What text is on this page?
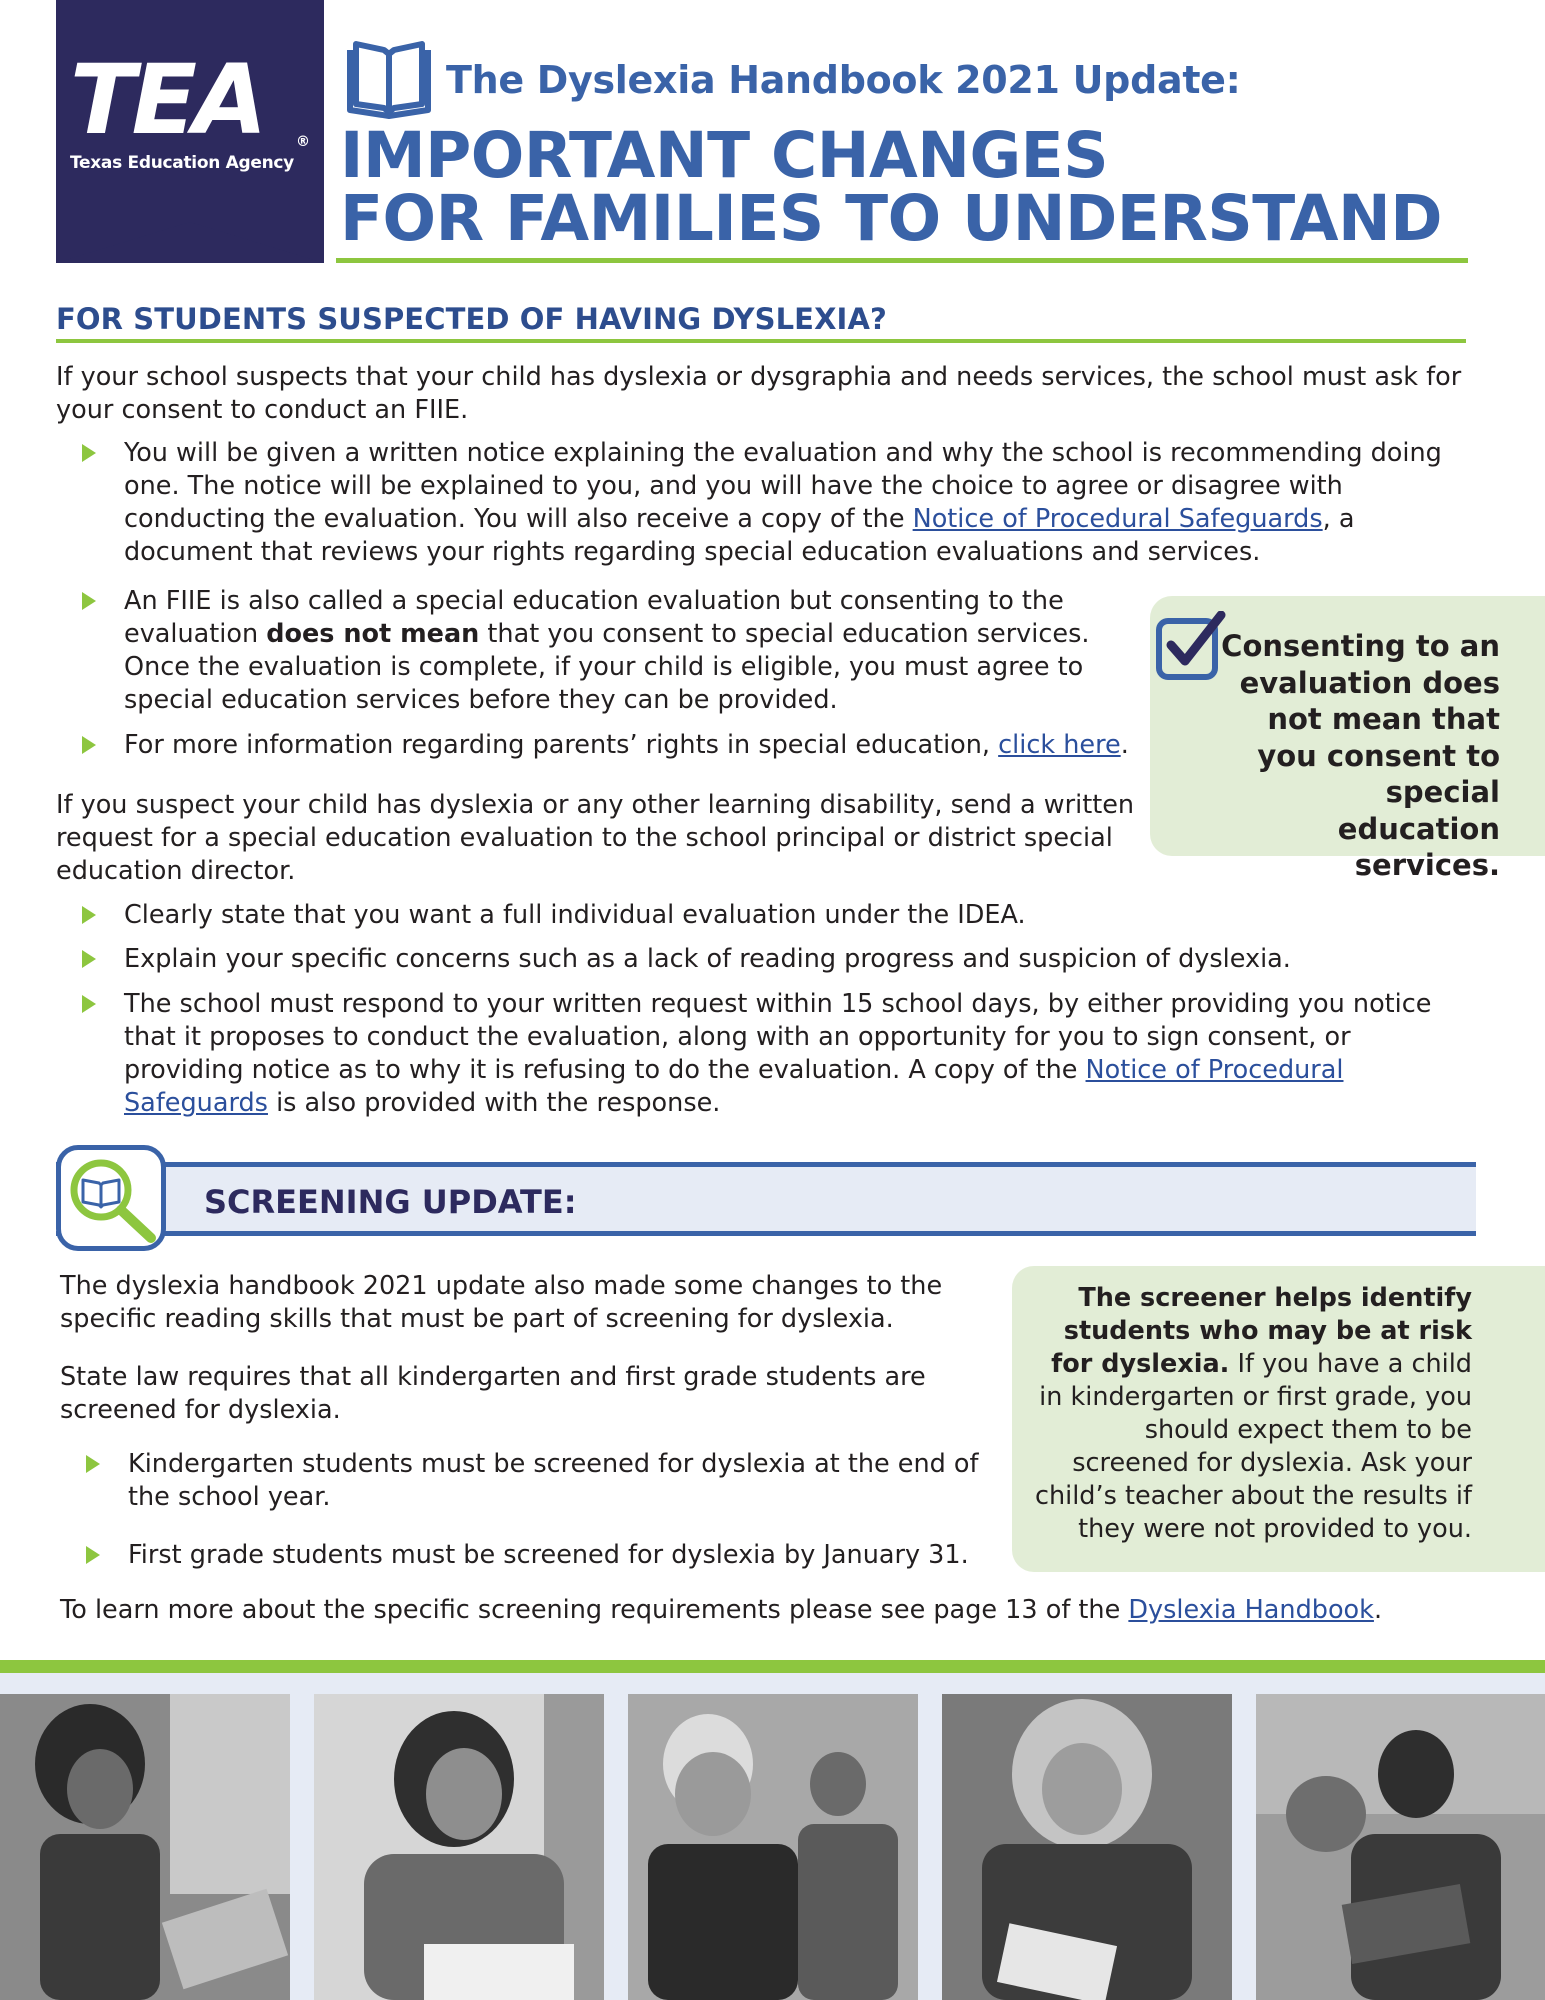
TEA ®
Texas Education Agency
The Dyslexia Handbook 2021 Update:
IMPORTANT CHANGES
FOR FAMILIES TO UNDERSTAND
FOR STUDENTS SUSPECTED OF HAVING DYSLEXIA?
If your school suspects that your child has dyslexia or dysgraphia and needs services, the school must ask for your consent to conduct an FIIE.
You will be given a written notice explaining the evaluation and why the school is recommending doing one. The notice will be explained to you, and you will have the choice to agree or disagree with conducting the evaluation. You will also receive a copy of the Notice of Procedural Safeguards, a document that reviews your rights regarding special education evaluations and services.
An FIIE is also called a special education evaluation but consenting to the evaluation does not mean that you consent to special education services. Once the evaluation is complete, if your child is eligible, you must agree to special education services before they can be provided.
For more information regarding parents’ rights in special education, click here.
If you suspect your child has dyslexia or any other learning disability, send a written request for a special education evaluation to the school principal or district special education director.
Clearly state that you want a full individual evaluation under the IDEA.
Explain your specific concerns such as a lack of reading progress and suspicion of dyslexia.
The school must respond to your written request within 15 school days, by either providing you notice that it proposes to conduct the evaluation, along with an opportunity for you to sign consent, or providing notice as to why it is refusing to do the evaluation. A copy of the Notice of Procedural Safeguards is also provided with the response.
Consenting to an evaluation does not mean that you consent to special education services.
SCREENING UPDATE:
The dyslexia handbook 2021 update also made some changes to the specific reading skills that must be part of screening for dyslexia.
State law requires that all kindergarten and first grade students are screened for dyslexia.
Kindergarten students must be screened for dyslexia at the end of the school year.
First grade students must be screened for dyslexia by January 31.
To learn more about the specific screening requirements please see page 13 of the Dyslexia Handbook.
The screener helps identify students who may be at risk for dyslexia. If you have a child in kindergarten or first grade, you should expect them to be screened for dyslexia. Ask your child’s teacher about the results if they were not provided to you.
